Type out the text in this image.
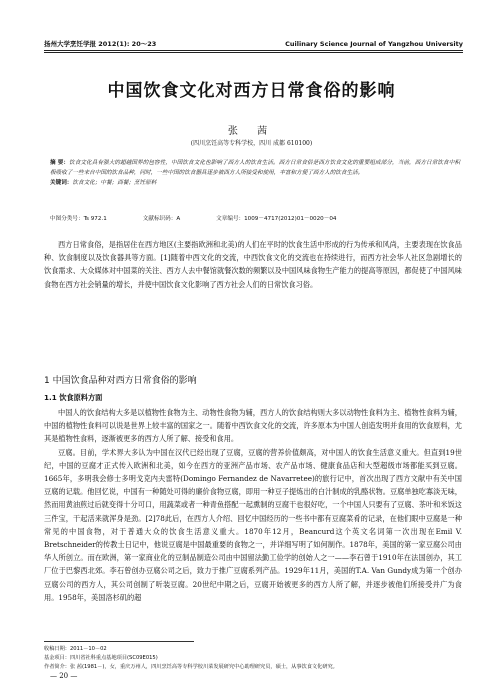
扬州大学烹饪学报 2012(1): 20～23	Cuilinary Science Journal of Yangzhou University
中国饮食文化对西方日常食俗的影响
张 茜
(四川烹饪高等专科学校，四川 成都 610100)
摘 要：饮食文化具有强大的超越国界的包容性，中国饮食文化也影响了西方人的饮食生活。西方日常食俗是西方饮食文化的重要组成部分，当前，西方日常饮食中积极吸收了一些来自中国的饮食品种，同时，一些中国的饮食器具逐步被西方人所接受和使用，丰富和方便了西方人的饮食生活。
关键词：饮食文化；中餐；西餐；烹饪原料
中图分类号：Ts 972.1	文献标识码：A	文章编号：1009－4717(2012)01－0020－04

西方日常食俗，是指居住在西方地区(主要指欧洲和北美)的人们在平时的饮食生活中形成的行为传承和风尚，主要表现在饮食品种、饮食制度以及饮食器具等方面。[1]随着中西文化的交流，中西饮食文化的交流也在持续进行，而西方社会华人社区急剧增长的饮食需求、大众媒体对中国菜的关注、西方人去中餐馆就餐次数的频繁以及中国风味食物生产能力的提高等原因，都促使了中国风味食物在西方社会销量的增长，并使中国饮食文化影响了西方社会人们的日常饮食习俗。

1 中国饮食品种对西方日常食俗的影响
1.1 饮食原料方面

中国人的饮食结构大多是以植物性食物为主、动物性食物为辅，西方人的饮食结构则大多以动物性食料为主、植物性食料为辅，中国的植物性食料可以说是世界上较丰富的国家之一。随着中西饮食文化的交流，许多原本为中国人创造发明并食用的饮食原料，尤其是植物性食料，逐渐被更多的西方人所了解、接受和食用。

豆腐。目前，学术界大多认为中国在汉代已经出现了豆腐，豆腐的营养价值颇高，对中国人的饮食生活意义重大。但直到19世纪，中国的豆腐才正式传入欧洲和北美，如今在西方的亚洲产品市场、农产品市场、健康食品店和大型超级市场都能买到豆腐。1665年，多明我会修士多明戈克内夫雷特(Domingo Fernandez de Navarretee)的旅行记中，首次出现了西方文献中有关中国豆腐的记载。他回忆说，中国有一种随处可得的廉价食物豆腐，即用一种豆子提炼出的白汁制成的乳酪状物。豆腐单独吃寡淡无味，然而用黄油煎过后就变得十分可口，用蔬菜或者一种青鱼搭配一起熏制的豆腐干也很好吃，一个中国人只要有了豆腐、茶叶和米饭这三件宝，干起活来就浑身是劲。[2]78此后，在西方人介绍、回忆中国经历的一些书中都有豆腐菜肴的记录，在他们眼中豆腐是一种常见的中国食物，对于普通大众的饮食生活意义重大。1870年12月，Beancurd这个英文名词第一次出现在Emil V. Bretschneider的传教士日记中，他说豆腐是中国最重要的食物之一，并详细写明了如何制作。1878年，美国的第一家豆腐公司由华人所创立。而在欧洲，第一家商业化的豆制品制造公司由中国留法勤工俭学的创始人之一——李石曾于1910年在法国创办，其工厂位于巴黎西北郊。李石曾创办豆腐公司之后，致力于推广豆腐系列产品。1929年11月，美国的T.A. Van Gundy成为第一个创办豆腐公司的西方人，其公司创制了听装豆腐。20世纪中期之后，豆腐开始被更多的西方人所了解，并逐步被他们所接受并广为食用。1958年，美国洛杉矶的超

收稿日期：2011－10－02
基金项目：四川省社科重点基地项目(SC09E015)
作者简介：张 茜(1981－)，女，重庆万州人，四川烹饪高等专科学校川菜发展研究中心助理研究员，硕士，从事饮食文化研究。
— 20 —
